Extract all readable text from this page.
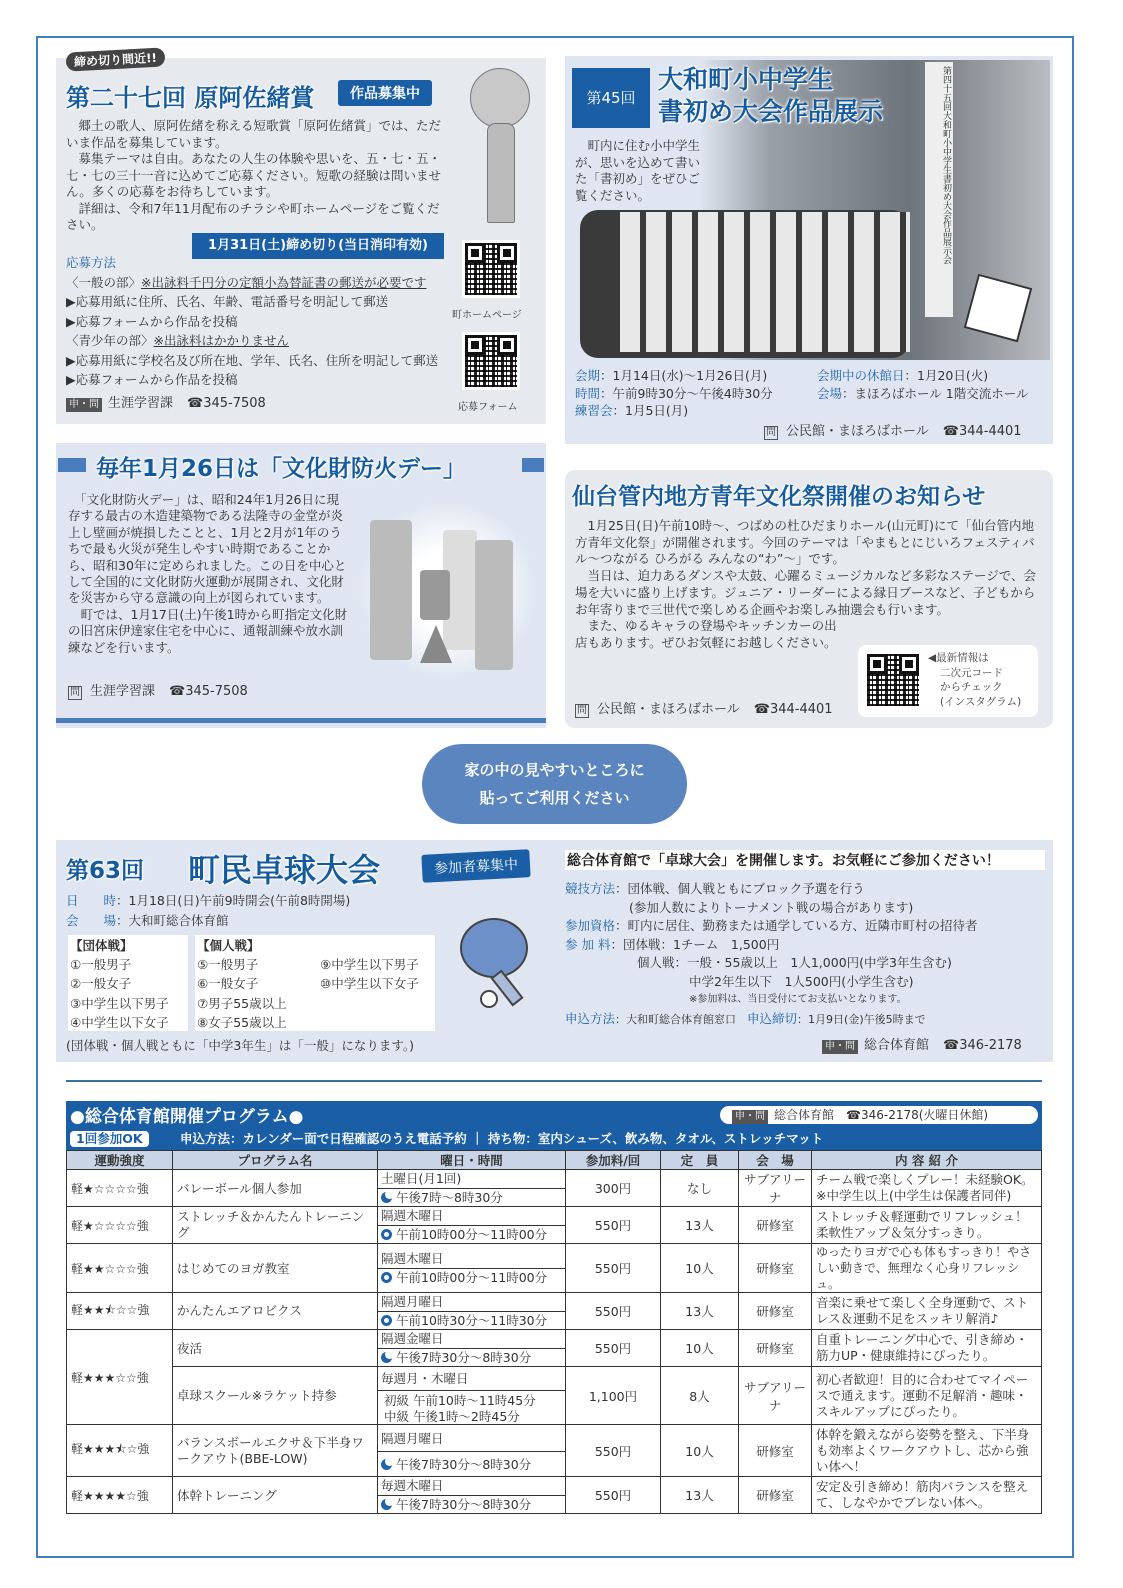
締め切り間近!!
第二十七回 原阿佐緒賞	作品募集中

　郷土の歌人、原阿佐緒を称える短歌賞「原阿佐緒賞」では、ただいま作品を募集しています。

　募集テーマは自由。あなたの人生の体験や思いを、五・七・五・七・七の三十一音に込めてご応募ください。短歌の経験は問いません。多くの応募をお待ちしています。

　詳細は、令和7年11月配布のチラシや町ホームページをご覧ください。

1月31日(土)締め切り(当日消印有効)
応募方法
〈一般の部〉※出詠料千円分の定額小為替証書の郵送が必要です
▶応募用紙に住所、氏名、年齢、電話番号を明記して郵送
▶応募フォームから作品を投稿
〈青少年の部〉※出詠料はかかりません
▶応募用紙に学校名及び所在地、学年、氏名、住所を明記して郵送
▶応募フォームから作品を投稿
申・問 生涯学習課 ☎345-7508
町ホームページ
応募フォーム
第四十五回大和町小中学生書初め大会作品展示会
第45回
大和町小中学生
書初め大会作品展示
　町内に住む小中学生が、思いを込めて書いた「書初め」をぜひご覧ください。
会期：1月14日(水)～1月26日(月)	会期中の休館日：1月20日(火)
時間：午前9時30分～午後4時30分	会場：まほろばホール 1階交流ホール
練習会：1月5日(月)
問 公民館・まほろばホール ☎344-4401
毎年1月26日は「文化財防火デー」

　「文化財防火デー」は、昭和24年1月26日に現存する最古の木造建築物である法隆寺の金堂が炎上し壁画が焼損したことと、1月と2月が1年のうちで最も火災が発生しやすい時期であることから、昭和30年に定められました。この日を中心として全国的に文化財防火運動が展開され、文化財を災害から守る意識の向上が図られています。

　町では、1月17日(土)午後1時から町指定文化財の旧宮床伊達家住宅を中心に、通報訓練や放水訓練などを行います。

問 生涯学習課 ☎345-7508
仙台管内地方青年文化祭開催のお知らせ

　1月25日(日)午前10時～、つばめの杜ひだまりホール(山元町)にて「仙台管内地方青年文化祭」が開催されます。今回のテーマは「やまもとにじいろフェスティバル～つながる ひろがる みんなの“わ”～」です。

　当日は、迫力あるダンスや太鼓、心躍るミュージカルなど多彩なステージで、会場を大いに盛り上げます。ジュニア・リーダーによる縁日ブースなど、子どもからお年寄りまで三世代で楽しめる企画やお楽しみ抽選会も行います。

　また、ゆるキャラの登場やキッチンカーの出店もあります。ぜひお気軽にお越しください。

◀最新情報は
二次元コード
からチェック
(インスタグラム)
問 公民館・まほろばホール ☎344-4401
家の中の見やすいところに
貼ってご利用ください
第63回 町民卓球大会	参加者募集中
日　　時：1月18日(日)午前9時開会(午前8時開場)
会　　場：大和町総合体育館
【団体戦】
①一般男子
②一般女子
③中学生以下男子
④中学生以下女子
【個人戦】
⑤一般男子
⑥一般女子
⑦男子55歳以上
⑧女子55歳以上
⑨中学生以下男子
⑩中学生以下女子
(団体戦・個人戦ともに「中学3年生」は「一般」になります。)
総合体育館で「卓球大会」を開催します。お気軽にご参加ください！
競技方法：団体戦、個人戦ともにブロック予選を行う
(参加人数によりトーナメント戦の場合があります)
参加資格：町内に居住、勤務または通学している方、近隣市町村の招待者
参 加 料：団体戦：1チーム　1,500円
個人戦：一般・55歳以上　1人1,000円(中学3年生含む)
中学2年生以下　1人500円(小学生含む)
※参加料は、当日受付にてお支払いとなります。
申込方法：大和町総合体育館窓口　 申込締切：1月9日(金)午後5時まで
申・問 総合体育館 ☎346-2178
●総合体育館開催プログラム●	申・問 総合体育館 ☎346-2178(火曜日休館)
1回参加OK	申込方法：カレンダー面で日程確認のうえ電話予約 ｜ 持ち物：室内シューズ、飲み物、タオル、ストレッチマット
運動強度	プログラム名	曜日・時間	参加料/回	定　員	会　場	内 容 紹 介
軽★☆☆☆☆強	バレーボール個人参加	土曜日(月1回)
午後7時～8時30分	300円	なし	サブアリーナ	チーム戦で楽しくプレー！未経験OK。※中学生以上(中学生は保護者同伴)
軽★☆☆☆☆強	ストレッチ＆かんたんトレーニング	隔週木曜日
午前10時00分～11時00分	550円	13人	研修室	ストレッチ＆軽運動でリフレッシュ！柔軟性アップ＆気分すっきり。
軽★★☆☆☆強	はじめてのヨガ教室	隔週木曜日
午前10時00分～11時00分	550円	10人	研修室	ゆったりヨガで心も体もすっきり！やさしい動きで、無理なく心身リフレッシュ。
軽★★⯪☆☆強	かんたんエアロビクス	隔週月曜日
午前10時30分～11時30分	550円	13人	研修室	音楽に乗せて楽しく全身運動で、ストレス＆運動不足をスッキリ解消♪
軽★★★☆☆強	夜活	隔週金曜日
午後7時30分～8時30分	550円	10人	研修室	自重トレーニング中心で、引き締め・筋力UP・健康維持にぴったり。
	卓球スクール※ラケット持参	毎週月・木曜日
初級 午前10時～11時45分
中級 午後1時～2時45分	1,100円	8人	サブアリーナ	初心者歓迎！目的に合わせてマイペースで通えます。運動不足解消・趣味・スキルアップにぴったり。
軽★★★⯪☆強	バランスボールエクサ＆下半身ワークアウト(BBE-LOW)	隔週月曜日
午後7時30分～8時30分	550円	10人	研修室	体幹を鍛えながら姿勢を整え、下半身も効率よくワークアウトし、芯から強い体へ！
軽★★★★☆強	体幹トレーニング	毎週木曜日
午後7時30分～8時30分	550円	13人	研修室	安定＆引き締め！筋肉バランスを整えて、しなやかでブレない体へ。
